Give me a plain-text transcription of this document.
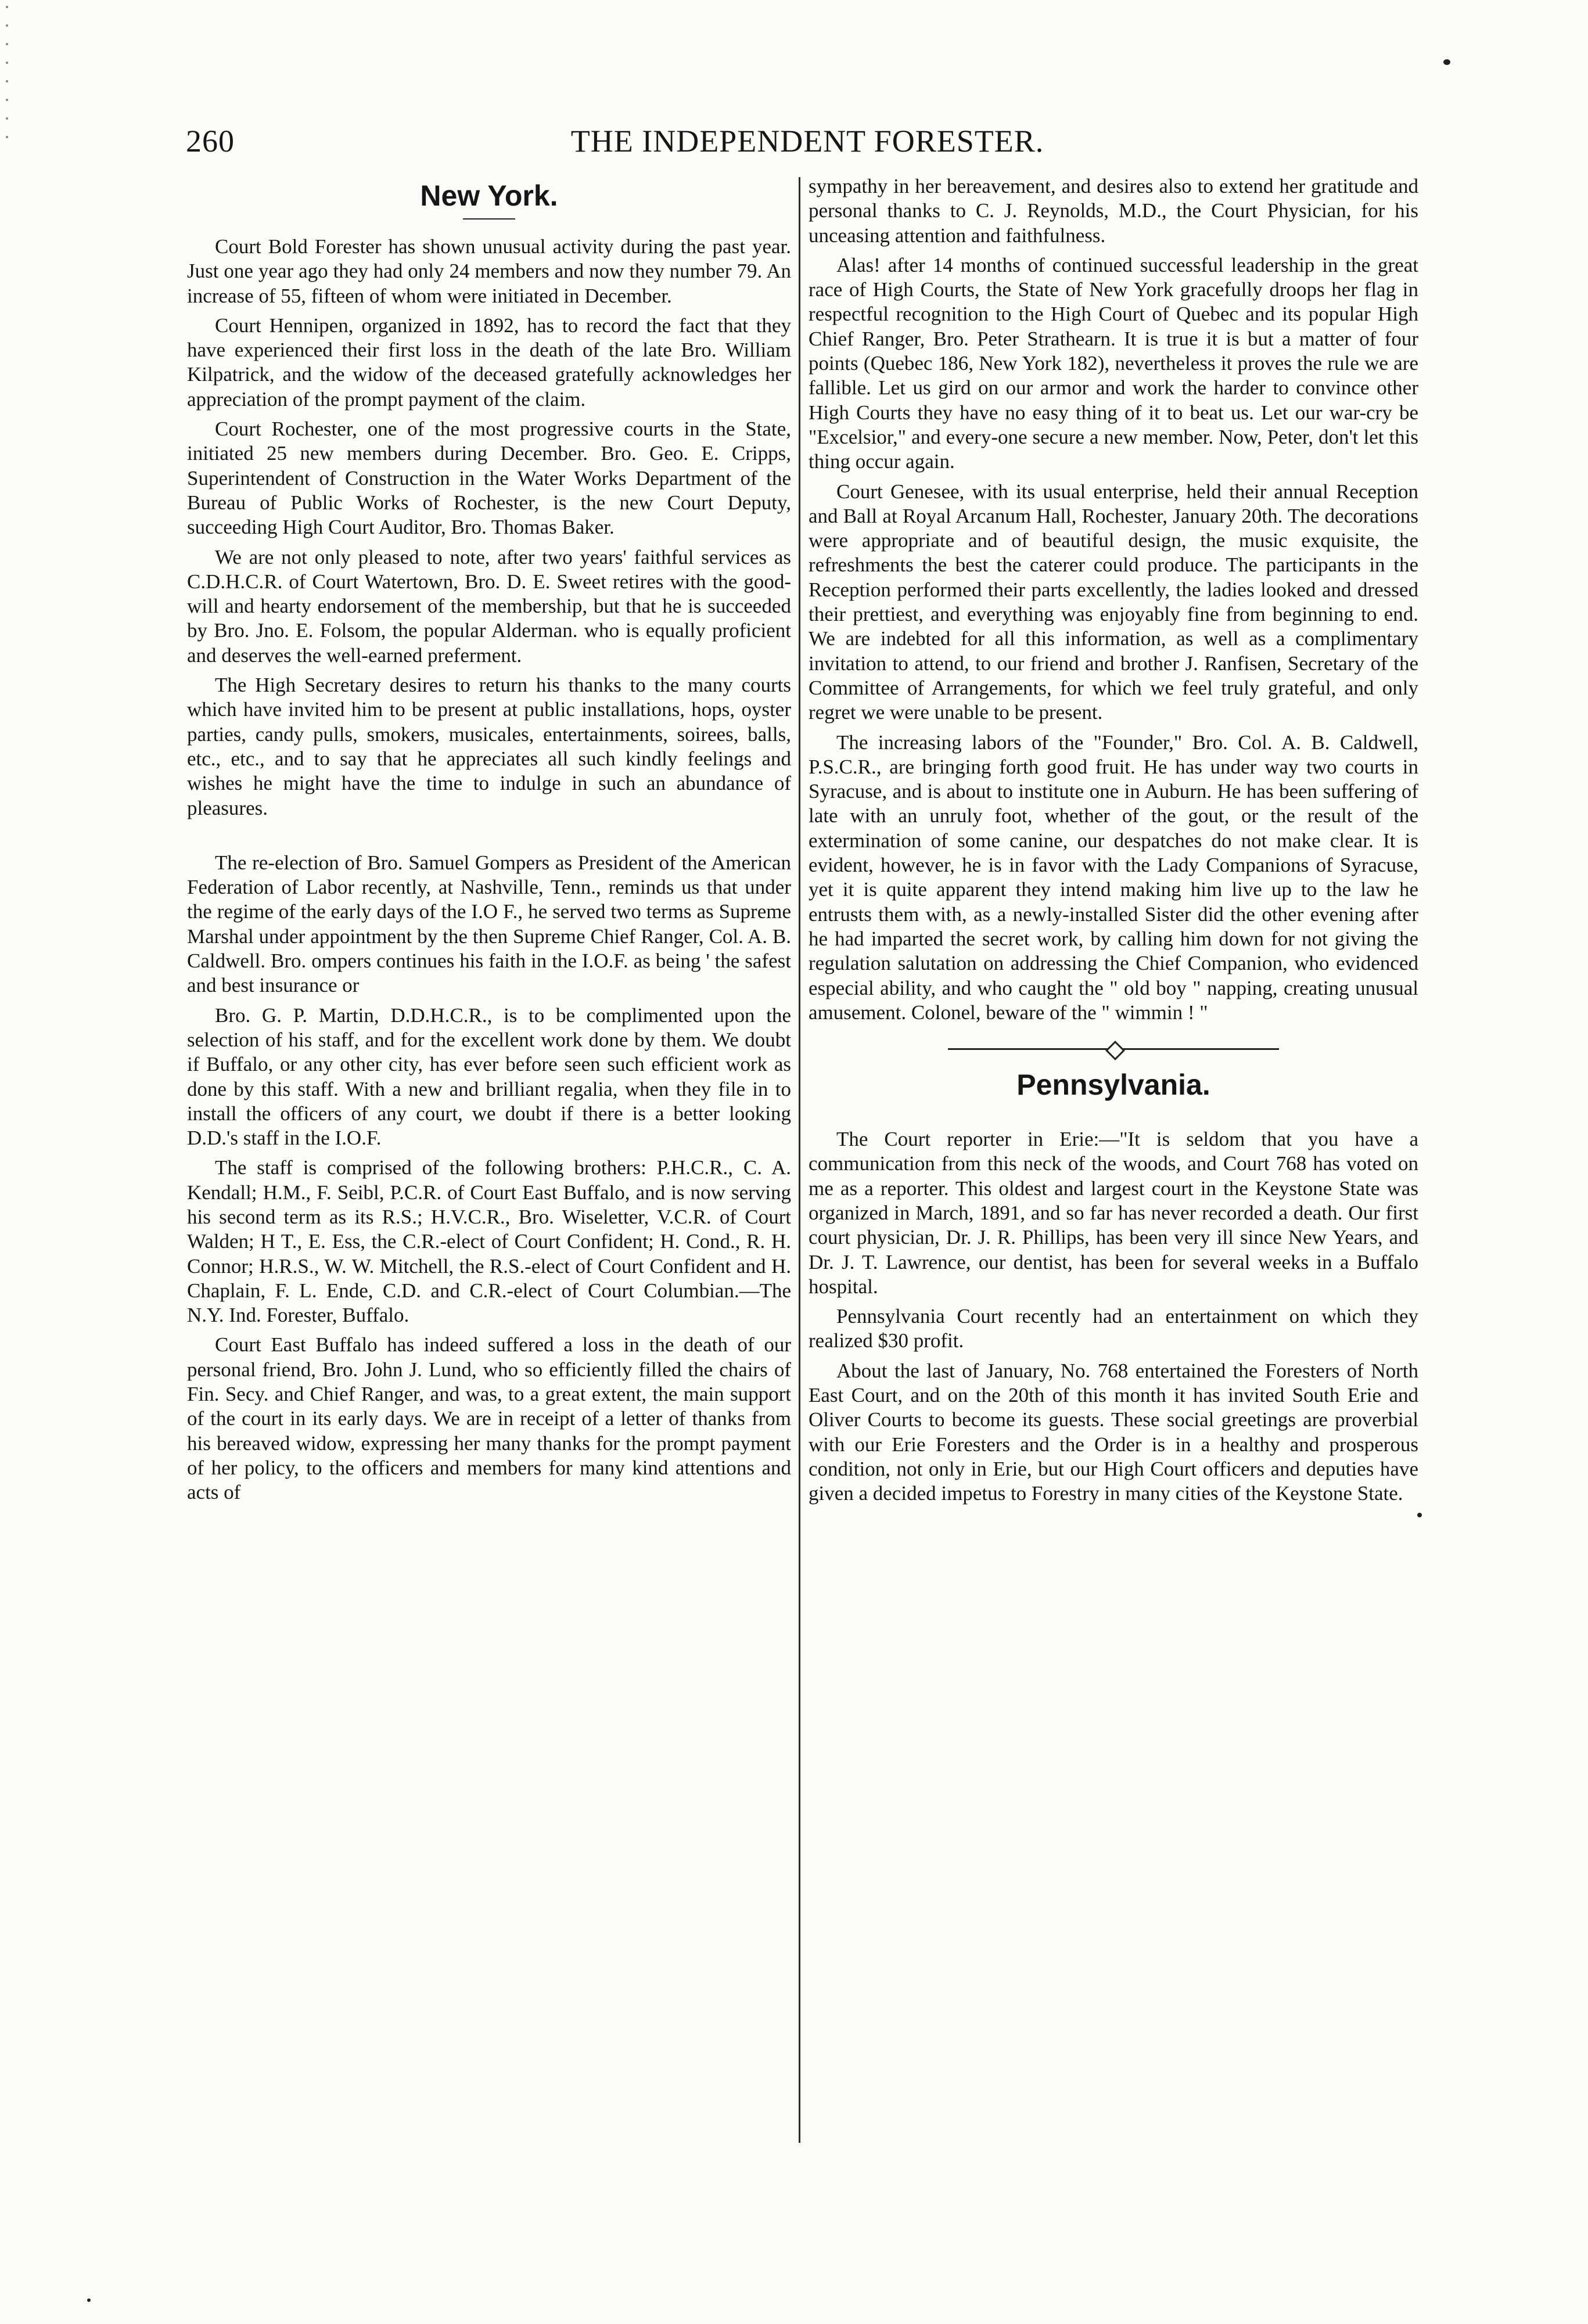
260	THE INDEPENDENT FORESTER.
New York.

Court Bold Forester has shown unusual activity during the past year. Just one year ago they had only 24 members and now they number 79. An increase of 55, fifteen of whom were initiated in December.

Court Hennipen, organized in 1892, has to record the fact that they have experienced their first loss in the death of the late Bro. William Kilpatrick, and the widow of the deceased gratefully acknowledges her appreciation of the prompt payment of the claim.

Court Rochester, one of the most progressive courts in the State, initiated 25 new members during December. Bro. Geo. E. Cripps, Superintendent of Construction in the Water Works Department of the Bureau of Public Works of Rochester, is the new Court Deputy, succeeding High Court Auditor, Bro. Thomas Baker.

We are not only pleased to note, after two years' faithful services as C.D.H.C.R. of Court Watertown, Bro. D. E. Sweet retires with the good-will and hearty endorsement of the membership, but that he is succeeded by Bro. Jno. E. Folsom, the popular Alderman. who is equally proficient and deserves the well-earned preferment.

The High Secretary desires to return his thanks to the many courts which have invited him to be present at public installations, hops, oyster parties, candy pulls, smokers, musicales, entertainments, soirees, balls, etc., etc., and to say that he appreciates all such kindly feelings and wishes he might have the time to indulge in such an abundance of pleasures.

The re-election of Bro. Samuel Gompers as President of the American Federation of Labor recently, at Nashville, Tenn., reminds us that under the regime of the early days of the I.O F., he served two terms as Supreme Marshal under appointment by the then Supreme Chief Ranger, Col. A. B. Caldwell. Bro. ompers continues his faith in the I.O.F. as being ' the safest and best insurance or

Bro. G. P. Martin, D.D.H.C.R., is to be complimented upon the selection of his staff, and for the excellent work done by them. We doubt if Buffalo, or any other city, has ever before seen such efficient work as done by this staff. With a new and brilliant regalia, when they file in to install the officers of any court, we doubt if there is a better looking D.D.'s staff in the I.O.F.

The staff is comprised of the following brothers: P.H.C.R., C. A. Kendall; H.M., F. Seibl, P.C.R. of Court East Buffalo, and is now serving his second term as its R.S.; H.V.C.R., Bro. Wiseletter, V.C.R. of Court Walden; H T., E. Ess, the C.R.-elect of Court Confident; H. Cond., R. H. Connor; H.R.S., W. W. Mitchell, the R.S.-elect of Court Confident and H. Chaplain, F. L. Ende, C.D. and C.R.-elect of Court Columbian.—The N.Y. Ind. Forester, Buffalo.

Court East Buffalo has indeed suffered a loss in the death of our personal friend, Bro. John J. Lund, who so efficiently filled the chairs of Fin. Secy. and Chief Ranger, and was, to a great extent, the main support of the court in its early days. We are in receipt of a letter of thanks from his bereaved widow, expressing her many thanks for the prompt payment of her policy, to the officers and members for many kind attentions and acts of

sympathy in her bereavement, and desires also to extend her gratitude and personal thanks to C. J. Reynolds, M.D., the Court Physician, for his unceasing attention and faithfulness.

Alas! after 14 months of continued successful leadership in the great race of High Courts, the State of New York gracefully droops her flag in respectful recognition to the High Court of Quebec and its popular High Chief Ranger, Bro. Peter Strathearn. It is true it is but a matter of four points (Quebec 186, New York 182), nevertheless it proves the rule we are fallible. Let us gird on our armor and work the harder to convince other High Courts they have no easy thing of it to beat us. Let our war-cry be "Excelsior," and every-one secure a new member. Now, Peter, don't let this thing occur again.

Court Genesee, with its usual enterprise, held their annual Reception and Ball at Royal Arcanum Hall, Rochester, January 20th. The decorations were appropriate and of beautiful design, the music exquisite, the refreshments the best the caterer could produce. The participants in the Reception performed their parts excellently, the ladies looked and dressed their prettiest, and everything was enjoyably fine from beginning to end. We are indebted for all this information, as well as a complimentary invitation to attend, to our friend and brother J. Ranfisen, Secretary of the Committee of Arrangements, for which we feel truly grateful, and only regret we were unable to be present.

The increasing labors of the "Founder," Bro. Col. A. B. Caldwell, P.S.C.R., are bringing forth good fruit. He has under way two courts in Syracuse, and is about to institute one in Auburn. He has been suffering of late with an unruly foot, whether of the gout, or the result of the extermination of some canine, our despatches do not make clear. It is evident, however, he is in favor with the Lady Companions of Syracuse, yet it is quite apparent they intend making him live up to the law he entrusts them with, as a newly-installed Sister did the other evening after he had imparted the secret work, by calling him down for not giving the regulation salutation on addressing the Chief Companion, who evidenced especial ability, and who caught the " old boy " napping, creating unusual amusement. Colonel, beware of the " wimmin ! "

Pennsylvania.

The Court reporter in Erie:—"It is seldom that you have a communication from this neck of the woods, and Court 768 has voted on me as a reporter. This oldest and largest court in the Keystone State was organized in March, 1891, and so far has never recorded a death. Our first court physician, Dr. J. R. Phillips, has been very ill since New Years, and Dr. J. T. Lawrence, our dentist, has been for several weeks in a Buffalo hospital.

Pennsylvania Court recently had an entertainment on which they realized $30 profit.

About the last of January, No. 768 entertained the Foresters of North East Court, and on the 20th of this month it has invited South Erie and Oliver Courts to become its guests. These social greetings are proverbial with our Erie Foresters and the Order is in a healthy and prosperous condition, not only in Erie, but our High Court officers and deputies have given a decided impetus to Forestry in many cities of the Keystone State.
